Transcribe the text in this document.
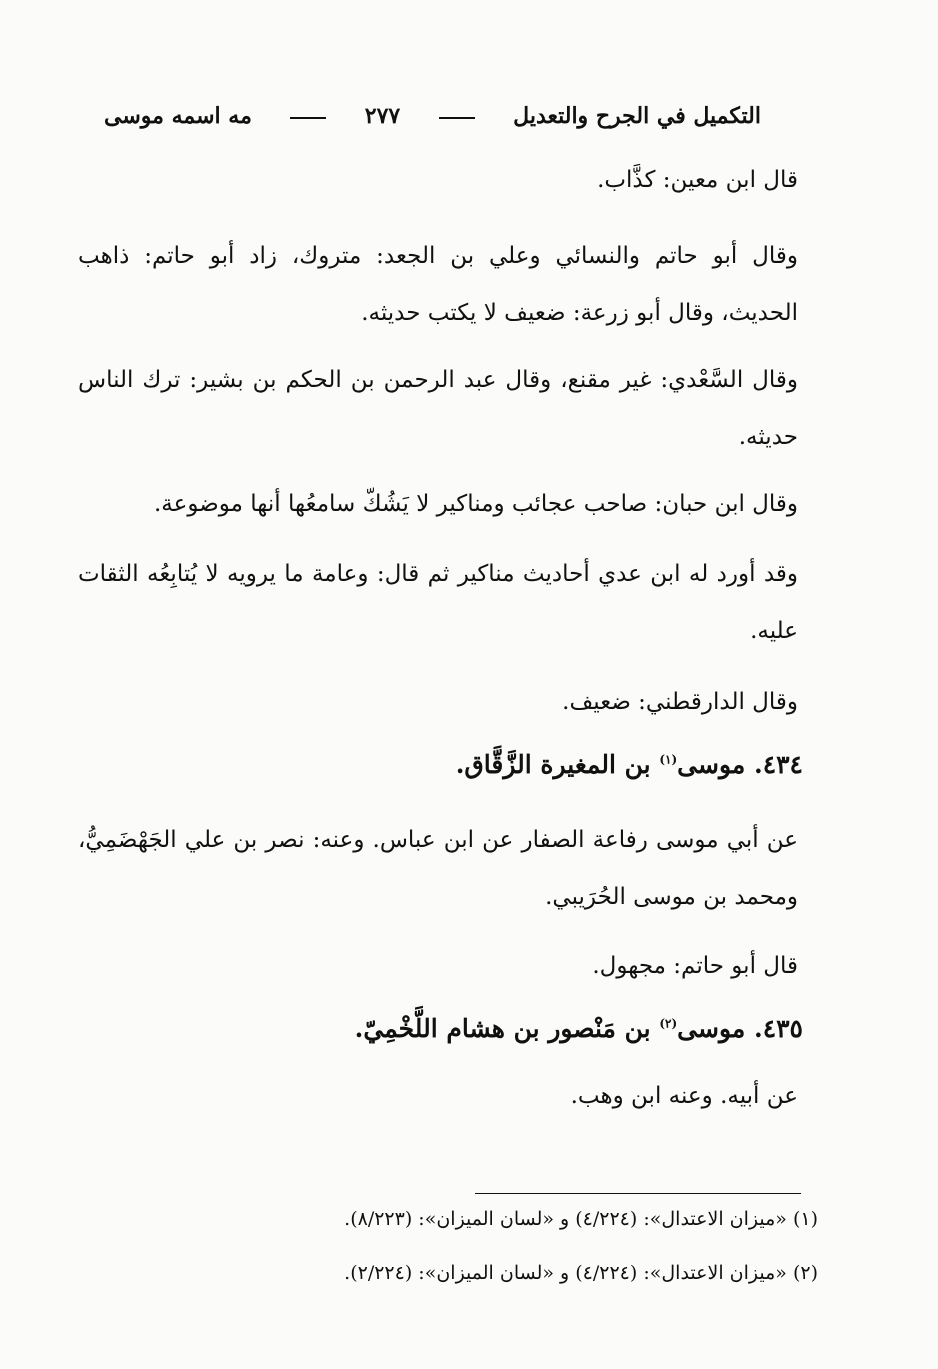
التكميل في الجرح والتعديل
٢٧٧
مه اسمه موسى
قال ابن معين: كذَّاب.
وقال أبو حاتم والنسائي وعلي بن الجعد: متروك، زاد أبو حاتم: ذاهب الحديث، وقال أبو زرعة: ضعيف لا يكتب حديثه.
وقال السَّعْدي: غير مقنع، وقال عبد الرحمن بن الحكم بن بشير: ترك الناس حديثه.
وقال ابن حبان: صاحب عجائب ومناكير لا يَشُكّ سامعُها أنها موضوعة.
وقد أورد له ابن عدي أحاديث مناكير ثم قال: وعامة ما يرويه لا يُتابِعُه الثقات عليه.
وقال الدارقطني: ضعيف.
٤٣٤. موسى$^{(١)}$ بن المغيرة الزَّقَّاق.
عن أبي موسى رفاعة الصفار عن ابن عباس. وعنه: نصر بن علي الجَهْضَمِيُّ، ومحمد بن موسى الحُرَيبي.
قال أبو حاتم: مجهول.
٤٣٥. موسى$^{(٢)}$ بن مَنْصور بن هشام اللَّخْمِيّ.
عن أبيه. وعنه ابن وهب.
(١) «ميزان الاعتدال»: (٤/٢٢٤) و «لسان الميزان»: (٨/٢٢٣).
(٢) «ميزان الاعتدال»: (٤/٢٢٤) و «لسان الميزان»: (٢/٢٢٤).
